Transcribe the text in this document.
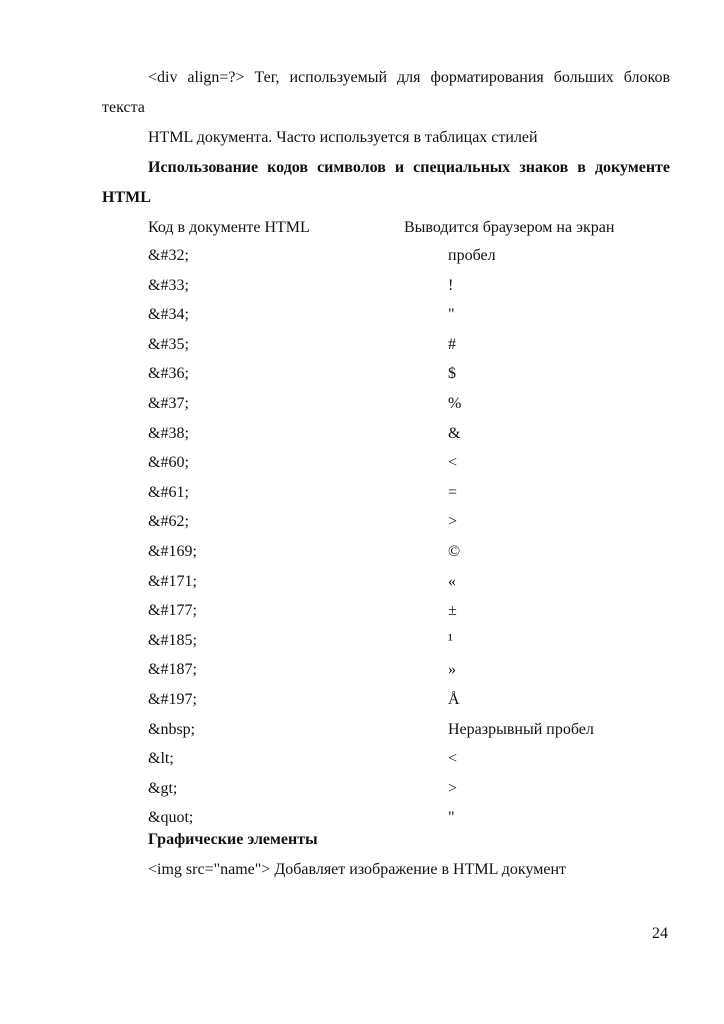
<div align=?> Тег, используемый для форматирования больших блоков
текста
HTML документа. Часто используется в таблицах стилей
Использование кодов символов и специальных знаков в документе
HTML
Код в документе HTML	Выводится браузером на экран
&#32;	пробел
&#33;	!
&#34;	"
&#35;	#
&#36;	$
&#37;	%
&#38;	&
&#60;	<
&#61;	=
&#62;	>
&#169;	©
&#171;	«
&#177;	±
&#185;	¹
&#187;	»
&#197;	Å
&nbsp;	Неразрывный пробел
&lt;	<
&gt;	>
&quot;	"
Графические элементы
<img src="name"> Добавляет изображение в HTML документ
24
